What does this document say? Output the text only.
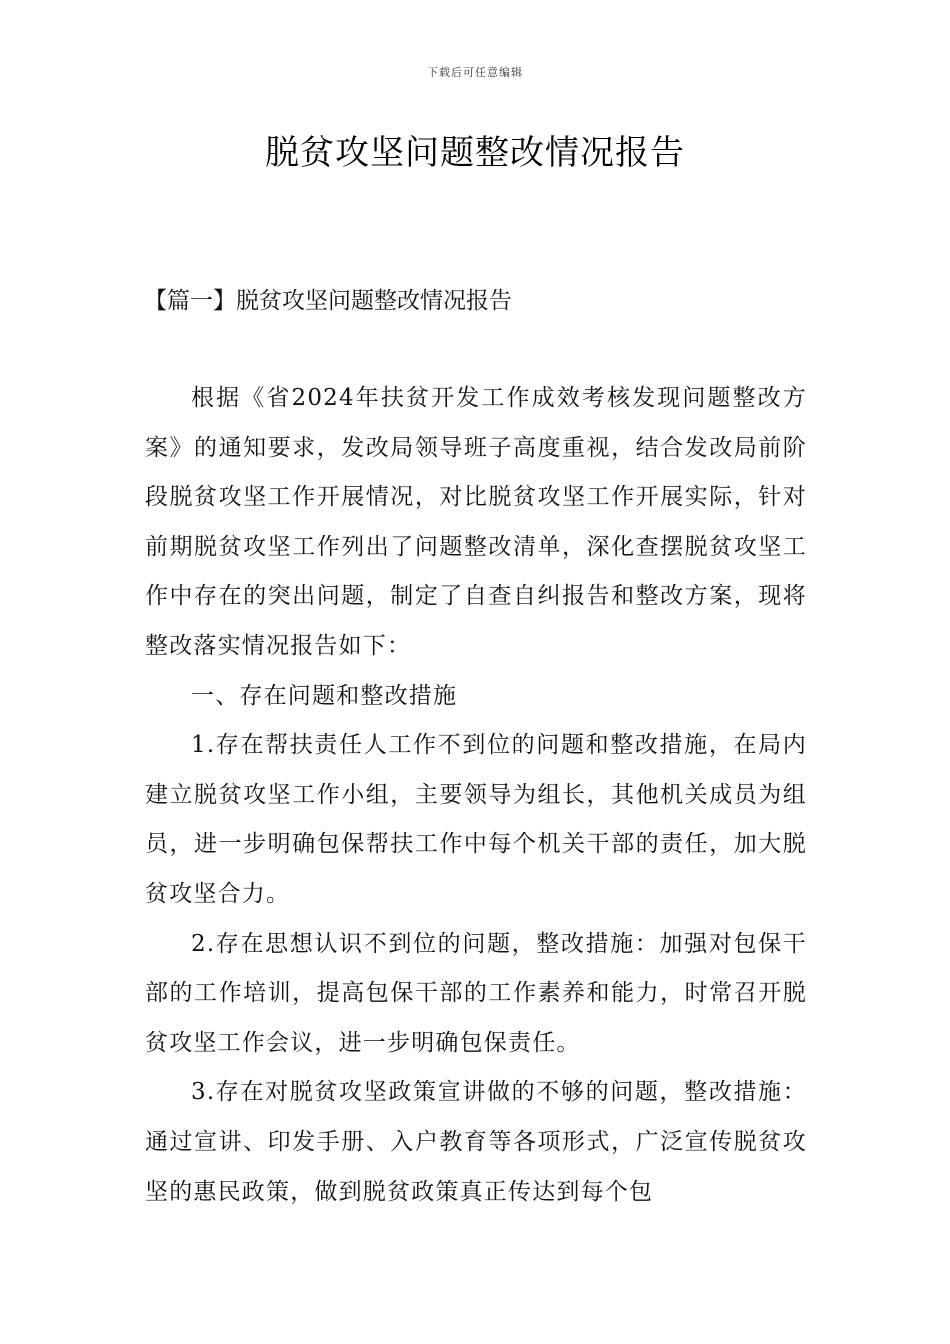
下载后可任意编辑
脱贫攻坚问题整改情况报告
【篇一】脱贫攻坚问题整改情况报告

根据《省2024年扶贫开发工作成效考核发现问题整改方案》的通知要求，发改局领导班子高度重视，结合发改局前阶段脱贫攻坚工作开展情况，对比脱贫攻坚工作开展实际，针对前期脱贫攻坚工作列出了问题整改清单，深化查摆脱贫攻坚工作中存在的突出问题，制定了自查自纠报告和整改方案，现将整改落实情况报告如下：

一、存在问题和整改措施

1.存在帮扶责任人工作不到位的问题和整改措施，在局内建立脱贫攻坚工作小组，主要领导为组长，其他机关成员为组员，进一步明确包保帮扶工作中每个机关干部的责任，加大脱贫攻坚合力。

2.存在思想认识不到位的问题，整改措施：加强对包保干部的工作培训，提高包保干部的工作素养和能力，时常召开脱贫攻坚工作会议，进一步明确包保责任。

3.存在对脱贫攻坚政策宣讲做的不够的问题，整改措施：通过宣讲、印发手册、入户教育等各项形式，广泛宣传脱贫攻坚的惠民政策，做到脱贫政策真正传达到每个包
